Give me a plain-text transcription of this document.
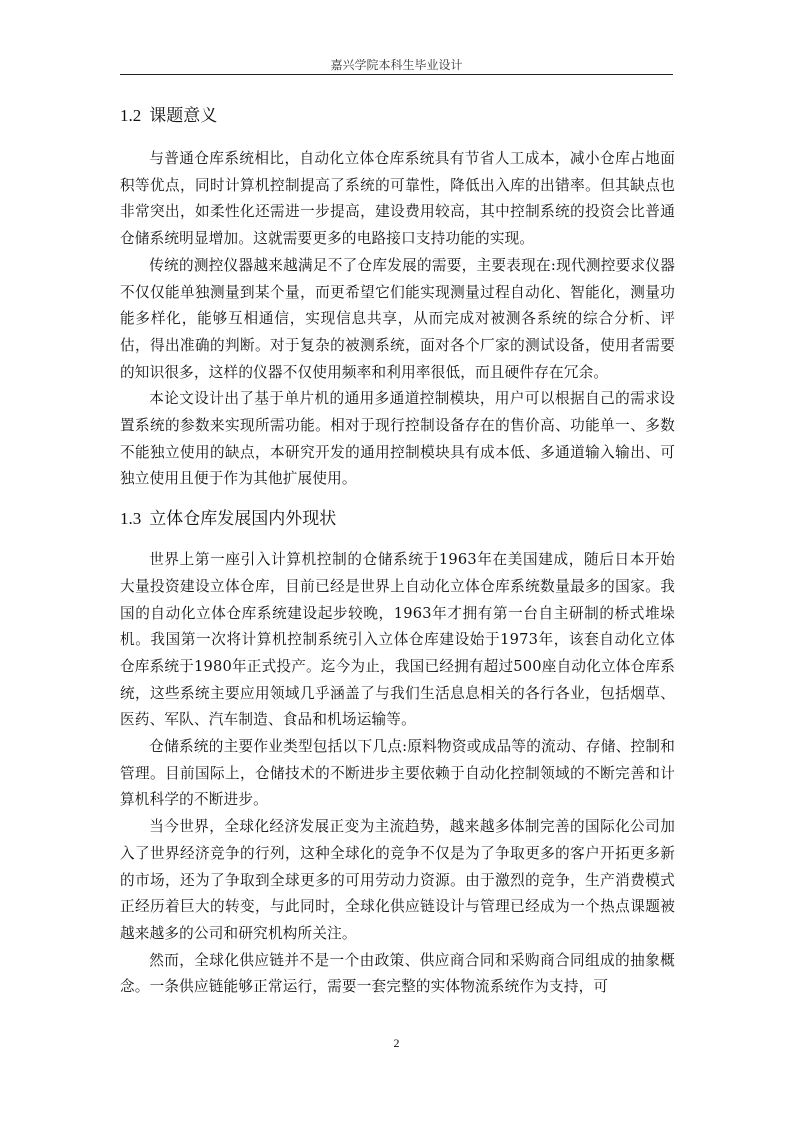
嘉兴学院本科生毕业设计
1.2 课题意义

与普通仓库系统相比，自动化立体仓库系统具有节省人工成本，减小仓库占地面积等优点，同时计算机控制提高了系统的可靠性，降低出入库的出错率。但其缺点也非常突出，如柔性化还需进一步提高，建设费用较高，其中控制系统的投资会比普通仓储系统明显增加。这就需要更多的电路接口支持功能的实现。

传统的测控仪器越来越满足不了仓库发展的需要，主要表现在:现代测控要求仪器不仅仅能单独测量到某个量，而更希望它们能实现测量过程自动化、智能化，测量功能多样化，能够互相通信，实现信息共享，从而完成对被测各系统的综合分析、评估，得出准确的判断。对于复杂的被测系统，面对各个厂家的测试设备，使用者需要的知识很多，这样的仪器不仅使用频率和利用率很低，而且硬件存在冗余。

本论文设计出了基于单片机的通用多通道控制模块，用户可以根据自己的需求设置系统的参数来实现所需功能。相对于现行控制设备存在的售价高、功能单一、多数不能独立使用的缺点，本研究开发的通用控制模块具有成本低、多通道输入输出、可独立使用且便于作为其他扩展使用。

1.3 立体仓库发展国内外现状

世界上第一座引入计算机控制的仓储系统于1963年在美国建成，随后日本开始大量投资建设立体仓库，目前已经是世界上自动化立体仓库系统数量最多的国家。我国的自动化立体仓库系统建设起步较晚，1963年才拥有第一台自主研制的桥式堆垛机。我国第一次将计算机控制系统引入立体仓库建设始于1973年，该套自动化立体仓库系统于1980年正式投产。迄今为止，我国已经拥有超过500座自动化立体仓库系统，这些系统主要应用领域几乎涵盖了与我们生活息息相关的各行各业，包括烟草、医药、军队、汽车制造、食品和机场运输等。

仓储系统的主要作业类型包括以下几点:原料物资或成品等的流动、存储、控制和管理。目前国际上，仓储技术的不断进步主要依赖于自动化控制领域的不断完善和计算机科学的不断进步。

当今世界，全球化经济发展正变为主流趋势，越来越多体制完善的国际化公司加入了世界经济竞争的行列，这种全球化的竞争不仅是为了争取更多的客户开拓更多新的市场，还为了争取到全球更多的可用劳动力资源。由于激烈的竞争，生产消费模式正经历着巨大的转变，与此同时，全球化供应链设计与管理已经成为一个热点课题被越来越多的公司和研究机构所关注。

然而，全球化供应链并不是一个由政策、供应商合同和采购商合同组成的抽象概念。一条供应链能够正常运行，需要一套完整的实体物流系统作为支持，可

2
